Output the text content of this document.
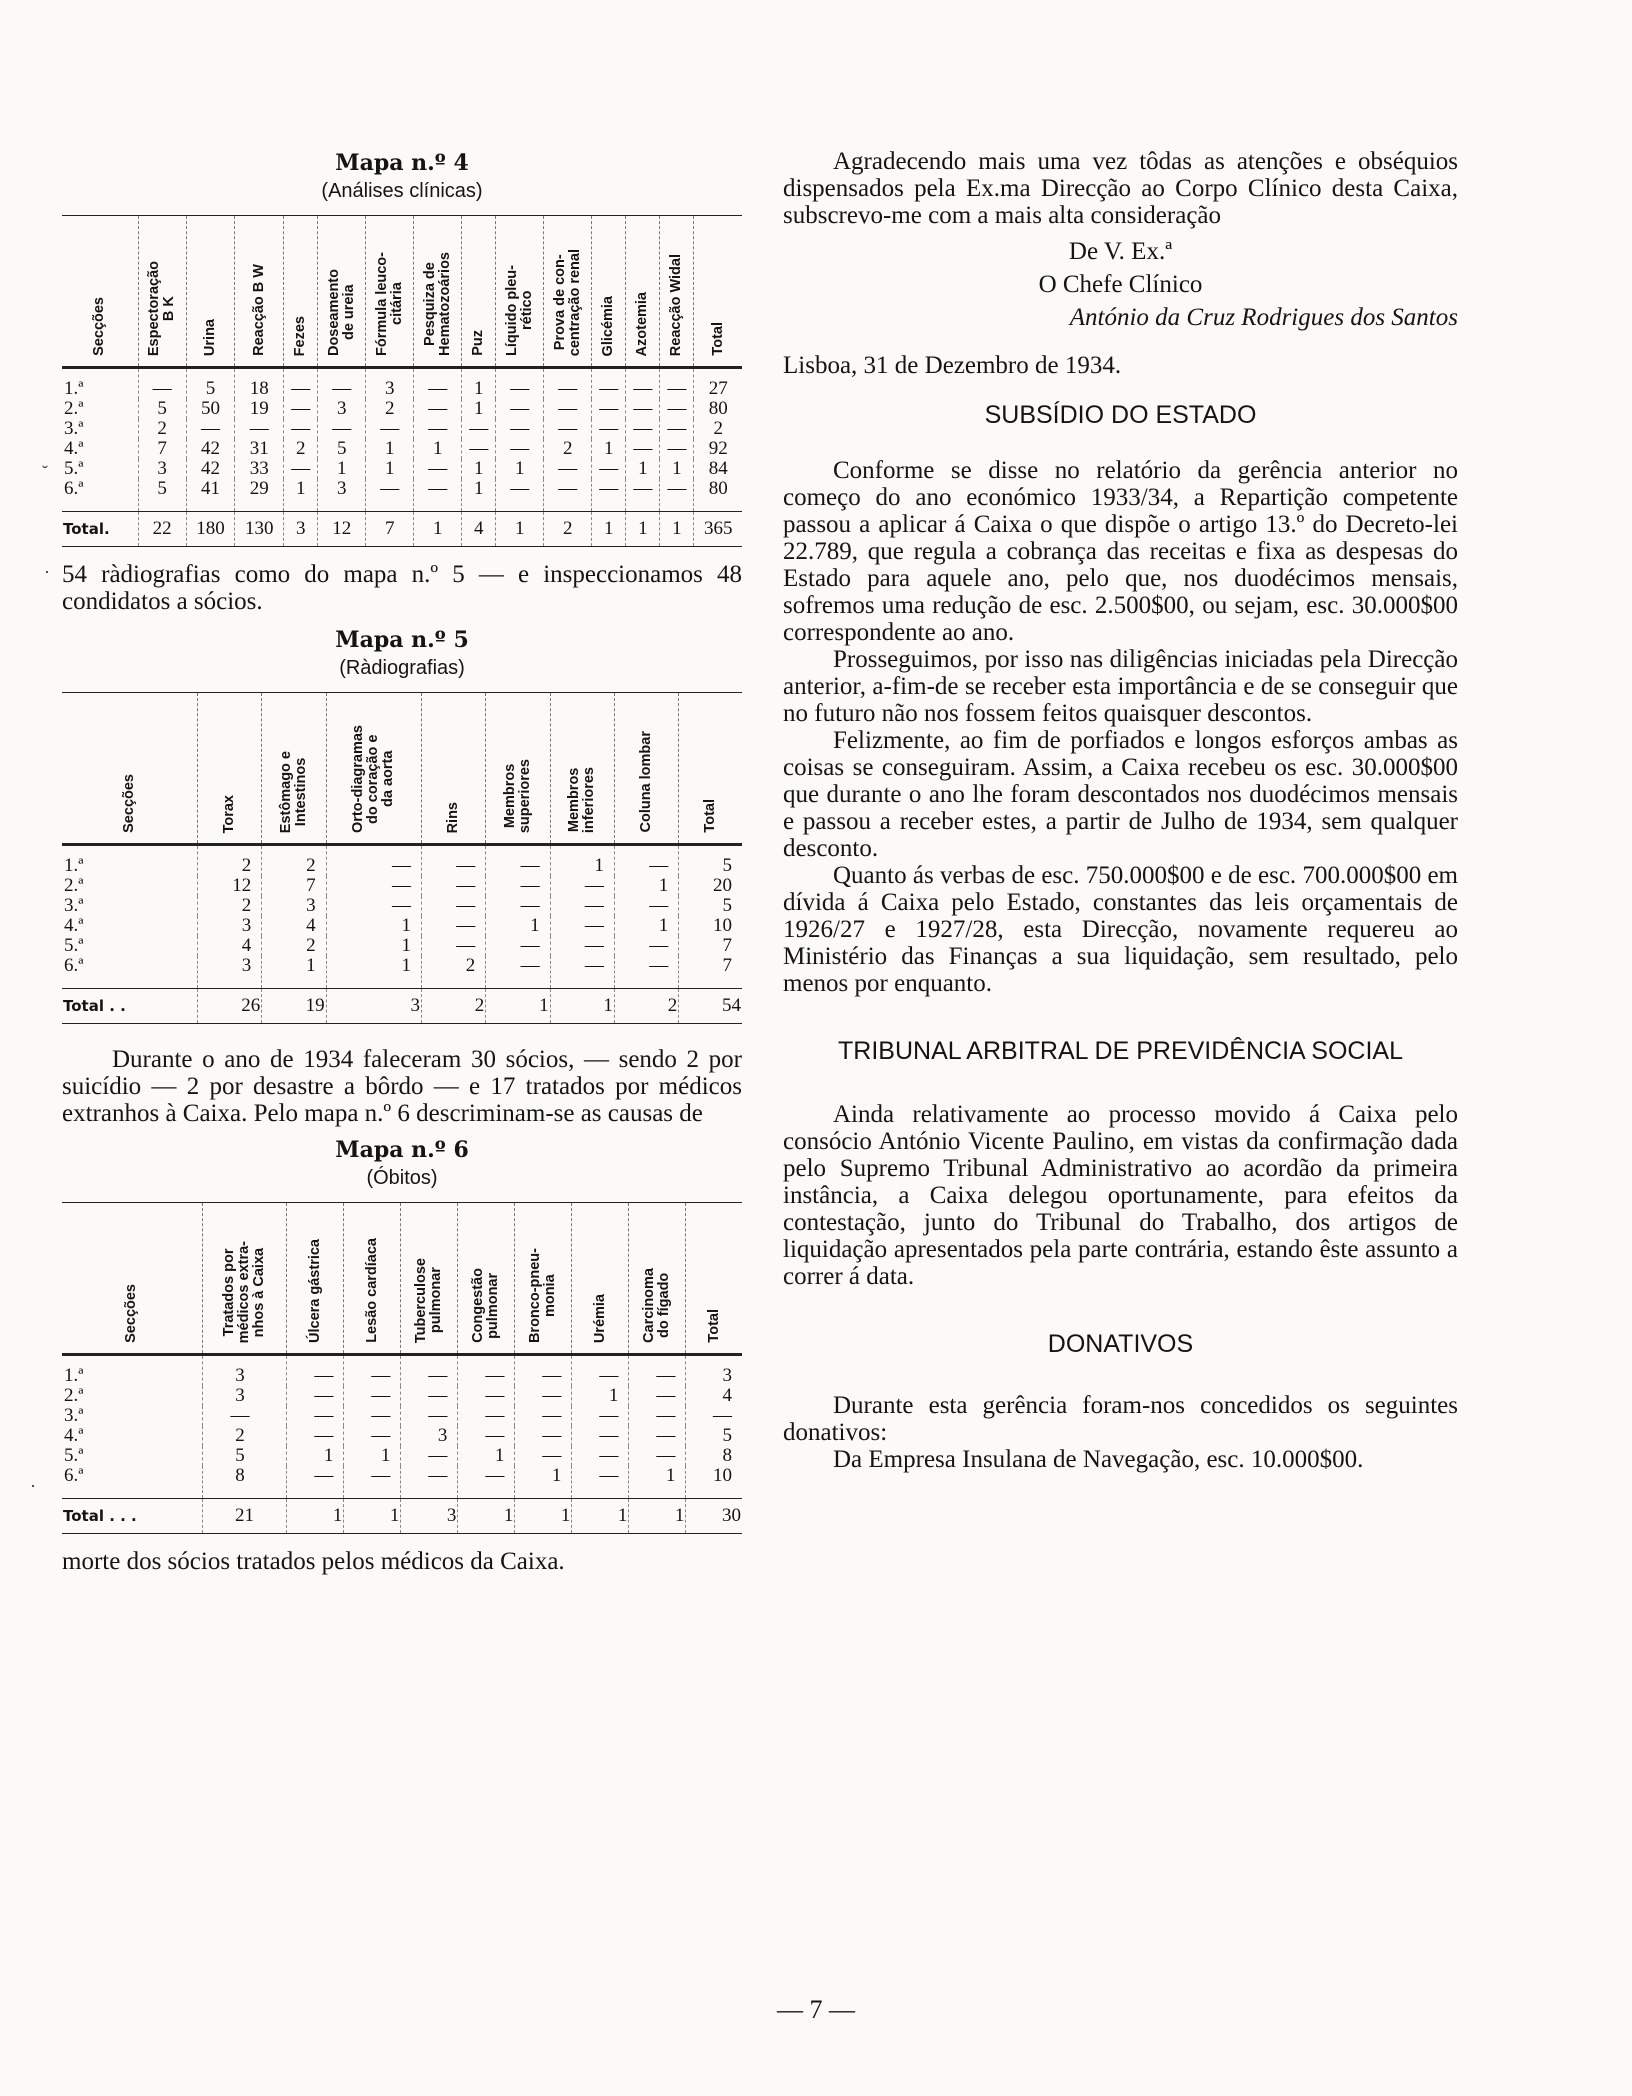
Mapa n.º 4

(Análises clínicas)

Secções	Espectoração
B K	Urina	Reacção B W	Fezes	Doseamento
de ureia	Fórmula leuco-
citária	Pesquiza de
Hematozoários	Puz	Líquido pleu-
rético	Prova de con-
centração renal	Glicémia	Azotemia	Reacção Widal	Total
1.ª	—	5	18	—	—	3	—	1	—	—	—	—	—	27
2.ª	5	50	19	—	3	2	—	1	—	—	—	—	—	80
3.ª	2	—	—	—	—	—	—	—	—	—	—	—	—	2
4.ª	7	42	31	2	5	1	1	—	—	2	1	—	—	92
5.ª	3	42	33	—	1	1	—	1	1	—	—	1	1	84
6.ª	5	41	29	1	3	—	—	1	—	—	—	—	—	80
Total.	22	180	130	3	12	7	1	4	1	2	1	1	1	365

54 ràdiografias como do mapa n.º 5 — e inspeccionamos 48 condidatos a sócios.

Mapa n.º 5

(Ràdiografias)

Secções	Torax	Estômago e
Intestinos	Orto-diagramas
do coração e
da aorta	Rins	Membros
superiores	Membros
inferiores	Coluna lombar	Total
1.ª	2	2	—	—	—	1	—	5
2.ª	12	7	—	—	—	—	1	20
3.ª	2	3	—	—	—	—	—	5
4.ª	3	4	1	—	1	—	1	10
5.ª	4	2	1	—	—	—	—	7
6.ª	3	1	1	2	—	—	—	7
Total . .	26	19	3	2	1	1	2	54

Durante o ano de 1934 faleceram 30 sócios, — sendo 2 por suicídio — 2 por desastre a bôrdo — e 17 tratados por médicos extranhos à Caixa. Pelo mapa n.º 6 descriminam-se as causas de

Mapa n.º 6

(Óbitos)

Secções	Tratados por
médicos extra-
nhos à Caixa	Úlcera gástrica	Lesão cardíaca	Tuberculose
pulmonar	Congestão
pulmonar	Bronco-pneu-
monia	Urémia	Carcinoma
do fígado	Total
1.ª	3	—	—	—	—	—	—	—	3
2.ª	3	—	—	—	—	—	1	—	4
3.ª	—	—	—	—	—	—	—	—	—
4.ª	2	—	—	3	—	—	—	—	5
5.ª	5	1	1	—	1	—	—	—	8
6.ª	8	—	—	—	—	1	—	1	10
Total . . .	21	1	1	3	1	1	1	1	30

morte dos sócios tratados pelos médicos da Caixa.

Agradecendo mais uma vez tôdas as atenções e obséquios dispensados pela Ex.ma Direcção ao Corpo Clínico desta Caixa, subscrevo-me com a mais alta consideração

De V. Ex.ª
O Chefe Clínico
António da Cruz Rodrigues dos Santos

Lisboa, 31 de Dezembro de 1934.

SUBSÍDIO DO ESTADO

Conforme se disse no relatório da gerência anterior no começo do ano económico 1933/34, a Repartição competente passou a aplicar á Caixa o que dispõe o artigo 13.º do Decreto-lei 22.789, que regula a cobrança das receitas e fixa as despesas do Estado para aquele ano, pelo que, nos duodécimos mensais, sofremos uma redução de esc. 2.500$00, ou sejam, esc. 30.000$00 correspondente ao ano.

Prosseguimos, por isso nas diligências iniciadas pela Direcção anterior, a-fim-de se receber esta importância e de se conseguir que no futuro não nos fossem feitos quaisquer descontos.

Felizmente, ao fim de porfiados e longos esforços ambas as coisas se conseguiram. Assim, a Caixa recebeu os esc. 30.000$00 que durante o ano lhe foram descontados nos duodécimos mensais e passou a receber estes, a partir de Julho de 1934, sem qualquer desconto.

Quanto ás verbas de esc. 750.000$00 e de esc. 700.000$00 em dívida á Caixa pelo Estado, constantes das leis orçamentais de 1926/27 e 1927/28, esta Direcção, novamente requereu ao Ministério das Finanças a sua liquidação, sem resultado, pelo menos por enquanto.

TRIBUNAL ARBITRAL DE PREVIDÊNCIA SOCIAL

Ainda relativamente ao processo movido á Caixa pelo consócio António Vicente Paulino, em vistas da confirmação dada pelo Supremo Tribunal Administrativo ao acordão da primeira instância, a Caixa delegou oportunamente, para efeitos da contestação, junto do Tribunal do Trabalho, dos artigos de liquidação apresentados pela parte contrária, estando êste assunto a correr á data.

DONATIVOS

Durante esta gerência foram-nos concedidos os seguintes donativos:

Da Empresa Insulana de Navegação, esc. 10.000$00.

— 7 —
˘
·
·
